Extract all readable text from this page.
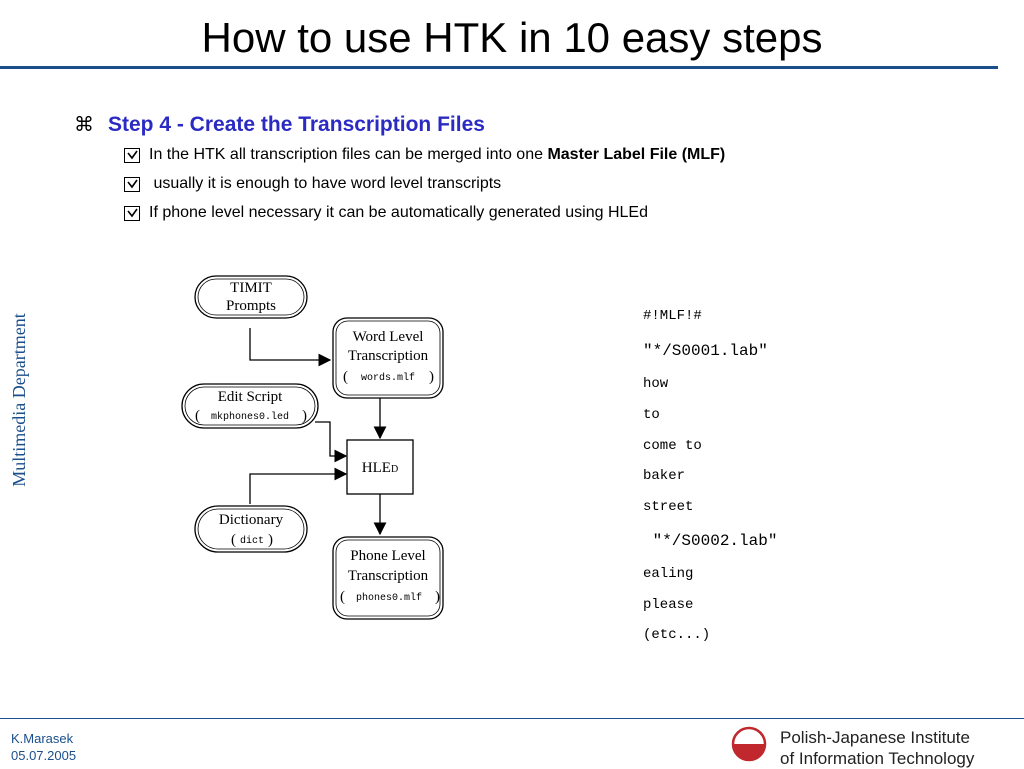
How to use HTK in 10 easy steps
Multimedia Department
⌘ Step 4 - Create the Transcription Files
In the HTK all transcription files can be merged into one Master Label File (MLF)
usually it is enough to have word level transcripts
If phone level necessary it can be automatically generated using HLEd
TIMIT
Prompts
Word Level
Transcription
( words.mlf )
Edit Script
( mkphones0.led )
HLED
Dictionary
( dict )
Phone Level
Transcription
( phones0.mlf )
#!MLF!#
"*/S0001.lab"
how
to
come to
baker
street
"*/S0002.lab"
ealing
please
(etc...)
K.Marasek
05.07.2005
Polish-Japanese Institute
of Information Technology
